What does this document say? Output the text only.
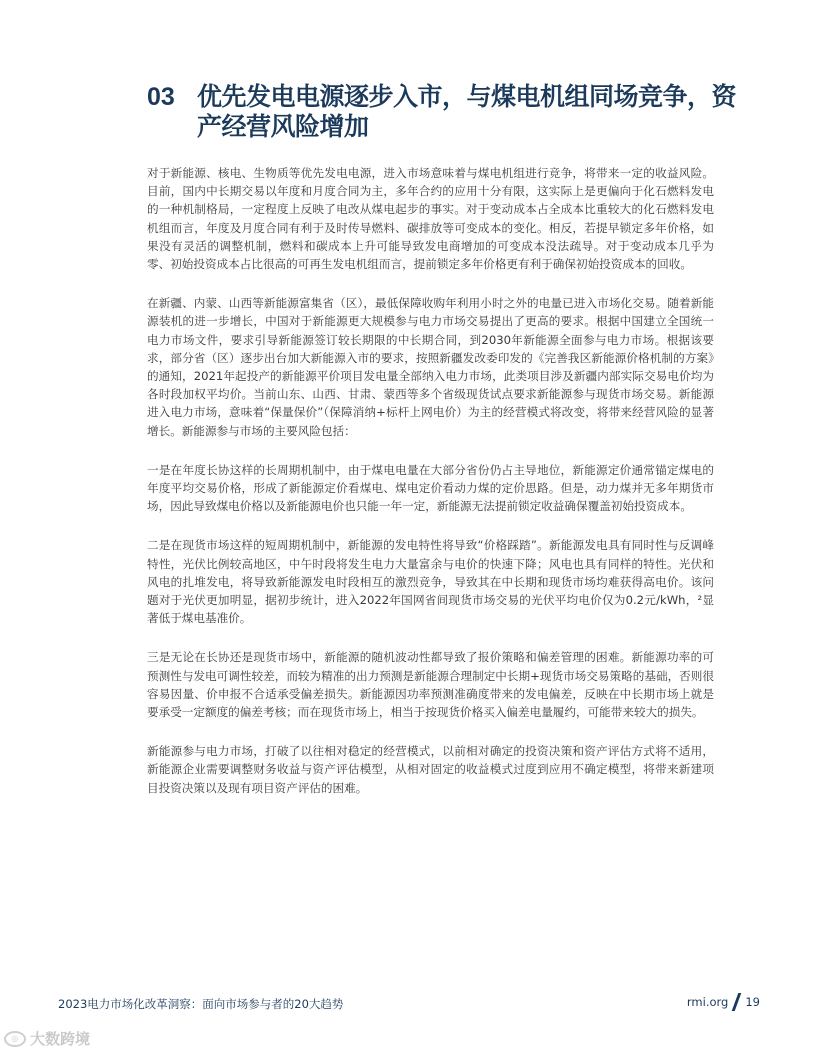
03 优先发电电源逐步入市，与煤电机组同场竞争，资产经营风险增加

对于新能源、核电、生物质等优先发电电源，进入市场意味着与煤电机组进行竞争，将带来一定的收益风险。目前，国内中长期交易以年度和月度合同为主，多年合约的应用十分有限，这实际上是更偏向于化石燃料发电的一种机制格局，一定程度上反映了电改从煤电起步的事实。对于变动成本占全成本比重较大的化石燃料发电机组而言，年度及月度合同有利于及时传导燃料、碳排放等可变成本的变化。相反，若提早锁定多年价格，如果没有灵活的调整机制，燃料和碳成本上升可能导致发电商增加的可变成本没法疏导。对于变动成本几乎为零、初始投资成本占比很高的可再生发电机组而言，提前锁定多年价格更有利于确保初始投资成本的回收。

在新疆、内蒙、山西等新能源富集省（区），最低保障收购年利用小时之外的电量已进入市场化交易。随着新能源装机的进一步增长，中国对于新能源更大规模参与电力市场交易提出了更高的要求。根据中国建立全国统一电力市场文件，要求引导新能源签订较长期限的中长期合同，到2030年新能源全面参与电力市场。根据该要求，部分省（区）逐步出台加大新能源入市的要求，按照新疆发改委印发的《完善我区新能源价格机制的方案》的通知，2021年起投产的新能源平价项目发电量全部纳入电力市场，此类项目涉及新疆内部实际交易电价均为各时段加权平均价。当前山东、山西、甘肃、蒙西等多个省级现货试点要求新能源参与现货市场交易。新能源进入电力市场，意味着“保量保价”（保障消纳+标杆上网电价）为主的经营模式将改变，将带来经营风险的显著增长。新能源参与市场的主要风险包括：

一是在年度长协这样的长周期机制中，由于煤电电量在大部分省份仍占主导地位，新能源定价通常锚定煤电的年度平均交易价格，形成了新能源定价看煤电、煤电定价看动力煤的定价思路。但是，动力煤并无多年期货市场，因此导致煤电价格以及新能源电价也只能一年一定，新能源无法提前锁定收益确保覆盖初始投资成本。

二是在现货市场这样的短周期机制中，新能源的发电特性将导致“价格踩踏”。新能源发电具有同时性与反调峰特性，光伏比例较高地区，中午时段将发生电力大量富余与电价的快速下降；风电也具有同样的特性。光伏和风电的扎堆发电，将导致新能源发电时段相互的激烈竞争，导致其在中长期和现货市场均难获得高电价。该问题对于光伏更加明显，据初步统计，进入2022年国网省间现货市场交易的光伏平均电价仅为0.2元/kWh，²显著低于煤电基准价。

三是无论在长协还是现货市场中，新能源的随机波动性都导致了报价策略和偏差管理的困难。新能源功率的可预测性与发电可调性较差，而较为精准的出力预测是新能源合理制定中长期+现货市场交易策略的基础，否则很容易因量、价申报不合适承受偏差损失。新能源因功率预测准确度带来的发电偏差，反映在中长期市场上就是要承受一定额度的偏差考核；而在现货市场上，相当于按现货价格买入偏差电量履约，可能带来较大的损失。

新能源参与电力市场，打破了以往相对稳定的经营模式，以前相对确定的投资决策和资产评估方式将不适用，新能源企业需要调整财务收益与资产评估模型，从相对固定的收益模式过度到应用不确定模型，将带来新建项目投资决策以及现有项目资产评估的困难。

2023电力市场化改革洞察：面向市场参与者的20大趋势	rmi.org 19
◎ 大数跨境
